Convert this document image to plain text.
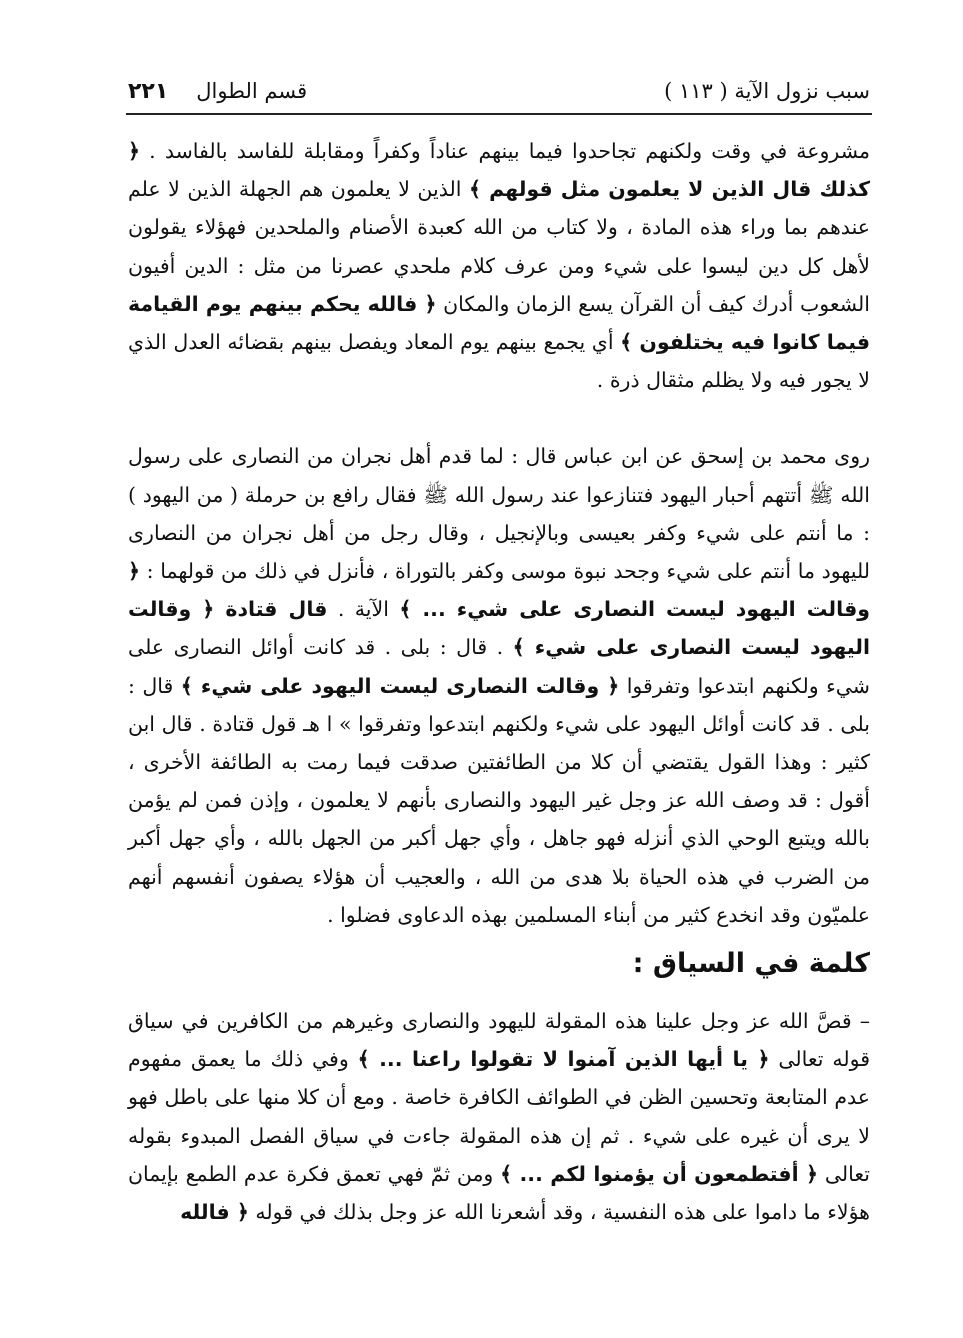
سبب نزول الآية ( ١١٣ )
قسم الطوال
٢٢١

مشروعة في وقت ولكنهم تجاحدوا فيما بينهم عناداً وكفراً ومقابلة للفاسد بالفاسد . ﴿ كذلك قال الذين لا يعلمون مثل قولهم ﴾ الذين لا يعلمون هم الجهلة الذين لا علم عندهم بما وراء هذه المادة ، ولا كتاب من الله كعبدة الأصنام والملحدين فهؤلاء يقولون لأهل كل دين ليسوا على شيء ومن عرف كلام ملحدي عصرنا من مثل : الدين أفيون الشعوب أدرك كيف أن القرآن يسع الزمان والمكان ﴿ فالله يحكم بينهم يوم القيامة فيما كانوا فيه يختلفون ﴾ أي يجمع بينهم يوم المعاد ويفصل بينهم بقضائه العدل الذي لا يجور فيه ولا يظلم مثقال ذرة .

روى محمد بن إسحق عن ابن عباس قال : لما قدم أهل نجران من النصارى على رسول الله ﷺ أتتهم أحبار اليهود فتنازعوا عند رسول الله ﷺ فقال رافع بن حرملة ( من اليهود ) : ما أنتم على شيء وكفر بعيسى وبالإنجيل ، وقال رجل من أهل نجران من النصارى لليهود ما أنتم على شيء وجحد نبوة موسى وكفر بالتوراة ، فأنزل في ذلك من قولهما : ﴿ وقالت اليهود ليست النصارى على شيء ... ﴾ الآية . قال قتادة ﴿ وقالت اليهود ليست النصارى على شيء ﴾ . قال : بلى . قد كانت أوائل النصارى على شيء ولكنهم ابتدعوا وتفرقوا ﴿ وقالت النصارى ليست اليهود على شيء ﴾ قال : بلى . قد كانت أوائل اليهود على شيء ولكنهم ابتدعوا وتفرقوا » ا هـ قول قتادة . قال ابن كثير : وهذا القول يقتضي أن كلا من الطائفتين صدقت فيما رمت به الطائفة الأخرى ، أقول : قد وصف الله عز وجل غير اليهود والنصارى بأنهم لا يعلمون ، وإذن فمن لم يؤمن بالله ويتبع الوحي الذي أنزله فهو جاهل ، وأي جهل أكبر من الجهل بالله ، وأي جهل أكبر من الضرب في هذه الحياة بلا هدى من الله ، والعجيب أن هؤلاء يصفون أنفسهم أنهم علميّون وقد انخدع كثير من أبناء المسلمين بهذه الدعاوى فضلوا .

كلمة في السياق :

– قصَّ الله عز وجل علينا هذه المقولة لليهود والنصارى وغيرهم من الكافرين في سياق قوله تعالى ﴿ يا أيها الذين آمنوا لا تقولوا راعنا ... ﴾ وفي ذلك ما يعمق مفهوم عدم المتابعة وتحسين الظن في الطوائف الكافرة خاصة . ومع أن كلا منها على باطل فهو لا يرى أن غيره على شيء . ثم إن هذه المقولة جاءت في سياق الفصل المبدوء بقوله تعالى ﴿ أفتطمعون أن يؤمنوا لكم ... ﴾ ومن ثمّ فهي تعمق فكرة عدم الطمع بإيمان هؤلاء ما داموا على هذه النفسية ، وقد أشعرنا الله عز وجل بذلك في قوله ﴿ فالله
